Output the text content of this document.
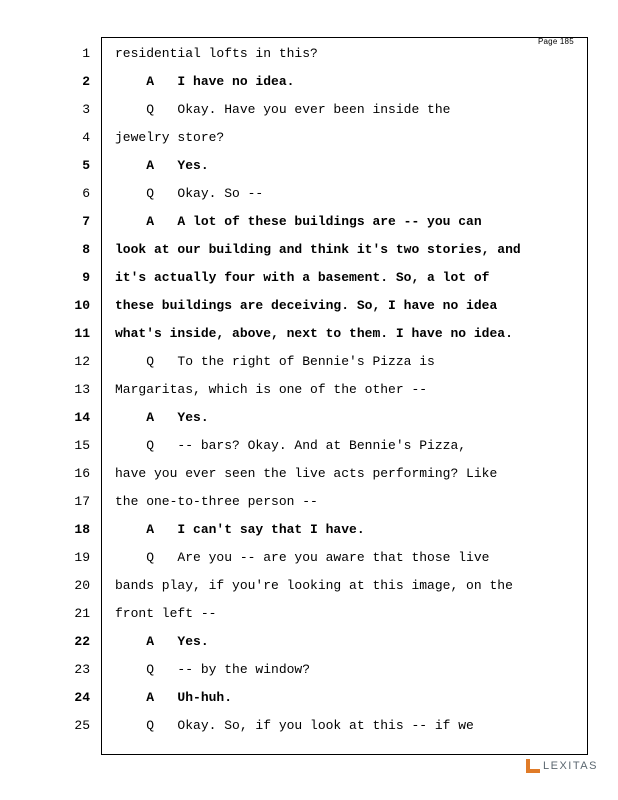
Page 185
1 residential lofts in this?
2 A   I have no idea.
3 Q   Okay. Have you ever been inside the
4 jewelry store?
5 A   Yes.
6 Q   Okay. So --
7 A   A lot of these buildings are -- you can
8 look at our building and think it's two stories, and
9 it's actually four with a basement. So, a lot of
10 these buildings are deceiving. So, I have no idea
11 what's inside, above, next to them. I have no idea.
12 Q   To the right of Bennie's Pizza is
13 Margaritas, which is one of the other --
14 A   Yes.
15 Q   -- bars? Okay. And at Bennie's Pizza,
16 have you ever seen the live acts performing? Like
17 the one-to-three person --
18 A   I can't say that I have.
19 Q   Are you -- are you aware that those live
20 bands play, if you're looking at this image, on the
21 front left --
22 A   Yes.
23 Q   -- by the window?
24 A   Uh-huh.
25 Q   Okay. So, if you look at this -- if we
LEXITAS
